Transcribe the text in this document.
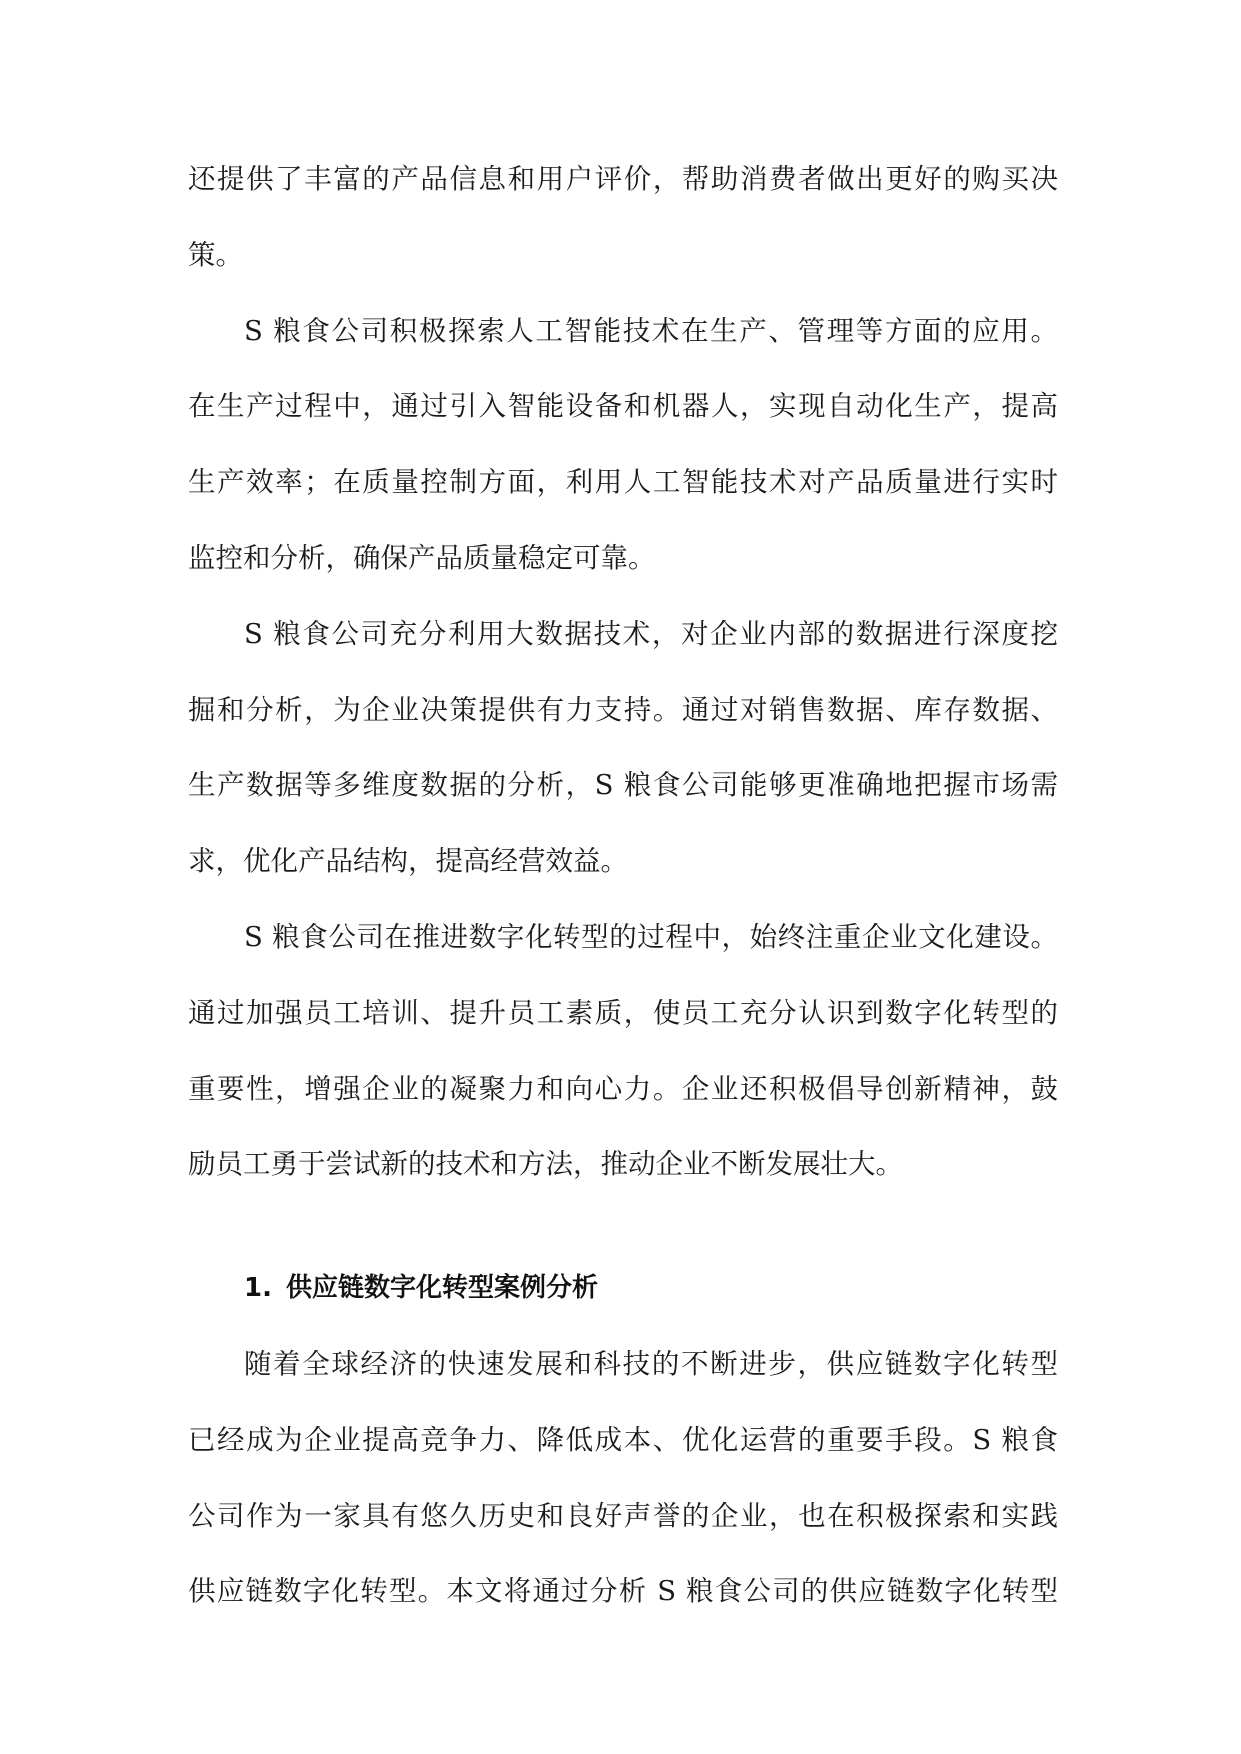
还提供了丰富的产品信息和用户评价，帮助消费者做出更好的购买决
策。

S 粮食公司积极探索人工智能技术在生产、管理等方面的应用。
在生产过程中，通过引入智能设备和机器人，实现自动化生产，提高
生产效率；在质量控制方面，利用人工智能技术对产品质量进行实时
监控和分析，确保产品质量稳定可靠。

S 粮食公司充分利用大数据技术，对企业内部的数据进行深度挖
掘和分析，为企业决策提供有力支持。通过对销售数据、库存数据、
生产数据等多维度数据的分析，S 粮食公司能够更准确地把握市场需
求，优化产品结构，提高经营效益。

S 粮食公司在推进数字化转型的过程中，始终注重企业文化建设。
通过加强员工培训、提升员工素质，使员工充分认识到数字化转型的
重要性，增强企业的凝聚力和向心力。企业还积极倡导创新精神，鼓
励员工勇于尝试新的技术和方法，推动企业不断发展壮大。

1. 供应链数字化转型案例分析

随着全球经济的快速发展和科技的不断进步，供应链数字化转型
已经成为企业提高竞争力、降低成本、优化运营的重要手段。S 粮食
公司作为一家具有悠久历史和良好声誉的企业，也在积极探索和实践
供应链数字化转型。本文将通过分析 S 粮食公司的供应链数字化转型
